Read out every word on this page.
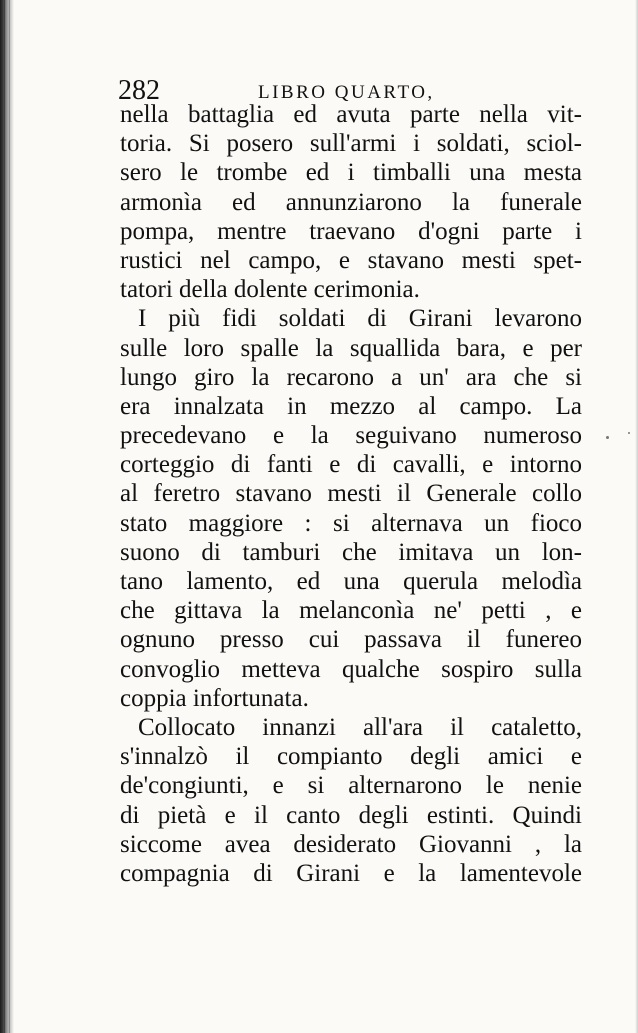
282	LIBRO QUARTO,
nella battaglia ed avuta parte nella vit-
toria. Si posero sull'armi i soldati, sciol-
sero le trombe ed i timballi una mesta
armonìa ed annunziarono la funerale
pompa, mentre traevano d'ogni parte i
rustici nel campo, e stavano mesti spet-
tatori della dolente cerimonia.
I più fidi soldati di Girani levarono
sulle loro spalle la squallida bara, e per
lungo giro la recarono a un' ara che si
era innalzata in mezzo al campo. La
precedevano e la seguivano numeroso
corteggio di fanti e di cavalli, e intorno
al feretro stavano mesti il Generale collo
stato maggiore : si alternava un fioco
suono di tamburi che imitava un lon-
tano lamento, ed una querula melodìa
che gittava la melanconìa ne' petti , e
ognuno presso cui passava il funereo
convoglio metteva qualche sospiro sulla
coppia infortunata.
Collocato innanzi all'ara il cataletto,
s'innalzò il compianto degli amici e
de'congiunti, e si alternarono le nenie
di pietà e il canto degli estinti. Quindi
siccome avea desiderato Giovanni , la
compagnia di Girani e la lamentevole
